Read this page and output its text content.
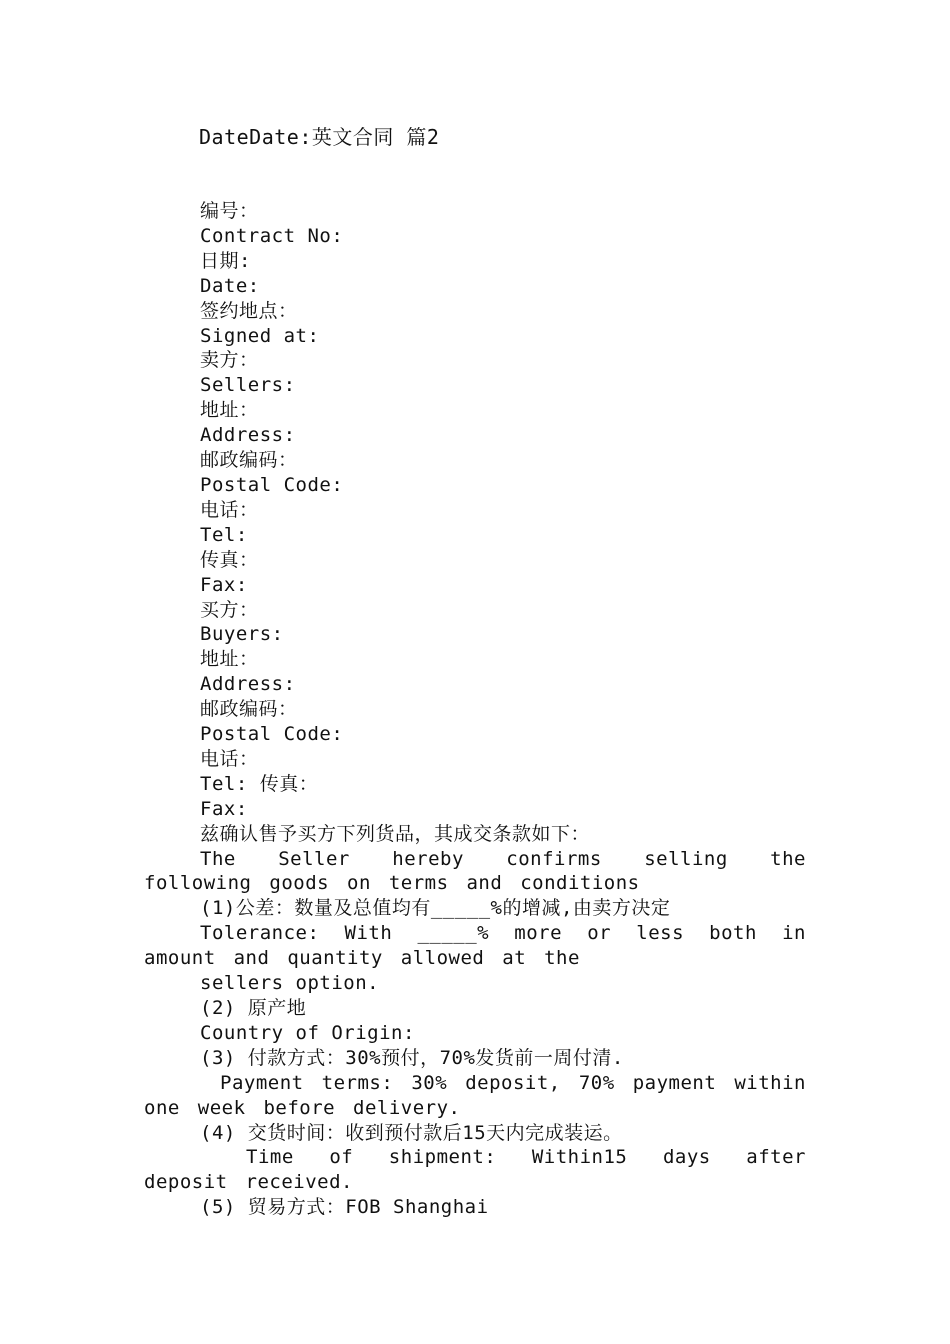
DateDate:英文合同 篇2
编号：
Contract No:
日期:
Date:
签约地点：
Signed at:
卖方：
Sellers:
地址：
Address:
邮政编码：
Postal Code:
电话：
Tel:
传真：
Fax:
买方：
Buyers:
地址：
Address:
邮政编码：
Postal Code:
电话：
Tel: 传真：
Fax:
兹确认售予买方下列货品，其成交条款如下：
The Seller hereby confirms selling the following goods on terms and conditions
(1)公差：数量及总值均有_____%的增减,由卖方决定
Tolerance: With _____% more or less both in amount and quantity allowed at the
sellers option.
(2) 原产地
Country of Origin:
(3) 付款方式：30%预付，70%发货前一周付清.
Payment terms: 30% deposit, 70% payment within one week before delivery.
(4) 交货时间：收到预付款后15天内完成装运。
Time of shipment: Within15 days after deposit received.
(5) 贸易方式：FOB Shanghai
